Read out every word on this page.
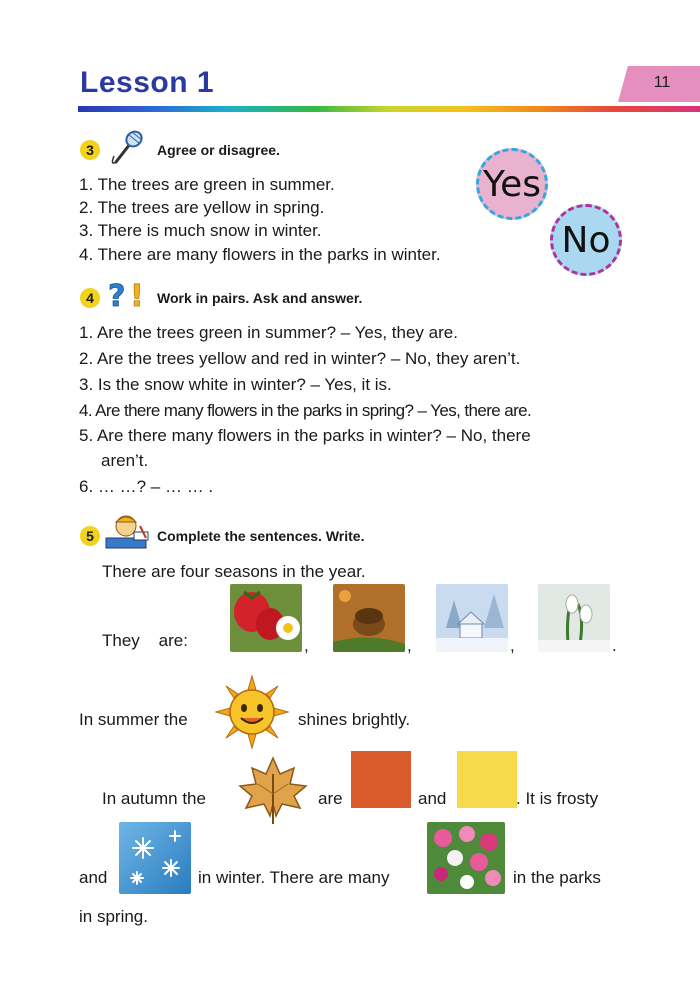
11
Lesson 1
3	Agree or disagree.
1. The trees are green in summer.
2. The trees are yellow in spring.
3. There is much snow in winter.
4. There are many flowers in the parks in winter.
Yes
No
4 ? ! Work in pairs. Ask and answer.
1. Are the trees green in summer? – Yes, they are.
2. Are the trees yellow and red in winter? – No, they aren’t.
3. Is the snow white in winter? – Yes, it is.
4. Are there many flowers in the parks in spring? – Yes, there are.
5. Are there many flowers in the parks in winter? – No, there
aren’t.
6. … …? – … … .
5	Complete the sentences. Write.
There are four seasons in the year.
They    are:	,	,	,	.
In summer the	shines brightly.
In autumn the	are	and	. It is frosty
and	in winter. There are many	in the parks
in spring.
